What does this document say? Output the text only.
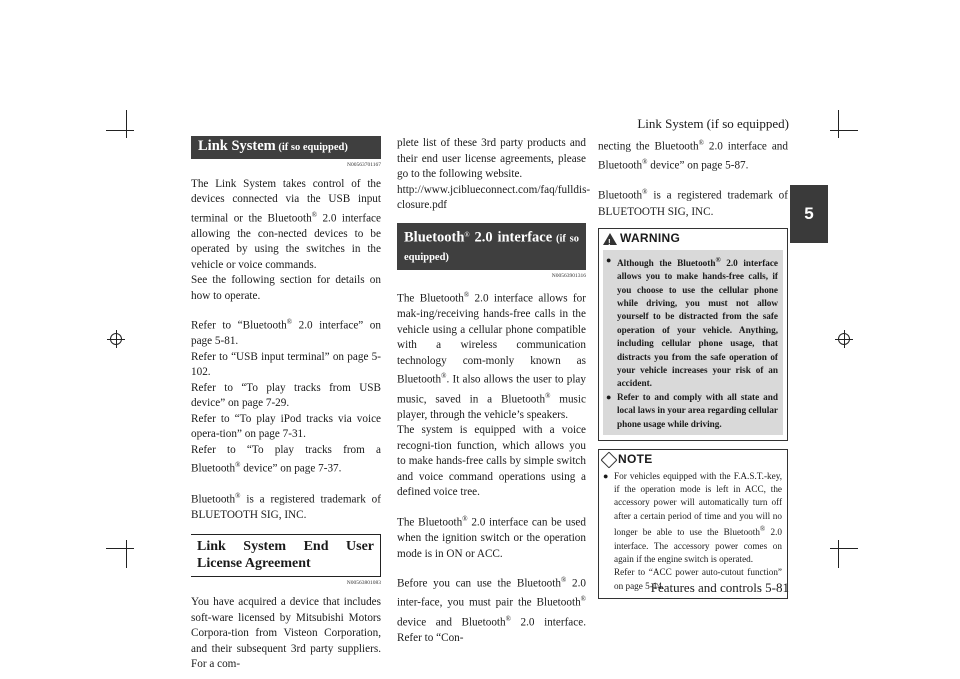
Link System (if so equipped)
5
Features and controls 5-81
Link System (if so equipped)
N00563701167

The Link System takes control of the devices connected via the USB input terminal or the Bluetooth® 2.0 interface allowing the con-nected devices to be operated by using the switches in the vehicle or voice commands.

See the following section for details on how to operate.

Refer to “Bluetooth® 2.0 interface” on page 5-81.

Refer to “USB input terminal” on page 5-102.

Refer to “To play tracks from USB device” on page 7-29.

Refer to “To play iPod tracks via voice opera-tion” on page 7-31.

Refer to “To play tracks from a Bluetooth® device” on page 7-37.

Bluetooth® is a registered trademark of BLUETOOTH SIG, INC.

Link System End User License Agreement
N00563801083

You have acquired a device that includes soft-ware licensed by Mitsubishi Motors Corpora-tion from Visteon Corporation, and their subsequent 3rd party suppliers. For a com-

plete list of these 3rd party products and their end user license agreements, please go to the following website.

http://www.jciblueconnect.com/faq/fulldis-closure.pdf

Bluetooth® 2.0 interface (if so equipped)
N00563901316

The Bluetooth® 2.0 interface allows for mak-ing/receiving hands-free calls in the vehicle using a cellular phone compatible with a wireless communication technology com-monly known as Bluetooth®. It also allows the user to play music, saved in a Bluetooth® music player, through the vehicle’s speakers.

The system is equipped with a voice recogni-tion function, which allows you to make hands-free calls by simple switch and voice command operations using a defined voice tree.

The Bluetooth® 2.0 interface can be used when the ignition switch or the operation mode is in ON or ACC.

Before you can use the Bluetooth® 2.0 inter-face, you must pair the Bluetooth® device and Bluetooth® 2.0 interface. Refer to “Con-

necting the Bluetooth® 2.0 interface and Bluetooth® device” on page 5-87.

Bluetooth® is a registered trademark of BLUETOOTH SIG, INC.

! WARNING
● Although the Bluetooth® 2.0 interface allows you to make hands-free calls, if you choose to use the cellular phone while driving, you must not allow yourself to be distracted from the safe operation of your vehicle. Anything, including cellular phone usage, that distracts you from the safe operation of your vehicle increases your risk of an accident.
● Refer to and comply with all state and local laws in your area regarding cellular phone usage while driving.
NOTE
● For vehicles equipped with the F.A.S.T.-key, if the operation mode is left in ACC, the accessory power will automatically turn off after a certain period of time and you will no longer be able to use the Bluetooth® 2.0 interface. The accessory power comes on again if the engine switch is operated.
Refer to “ACC power auto-cutout function” on page 5-14.
